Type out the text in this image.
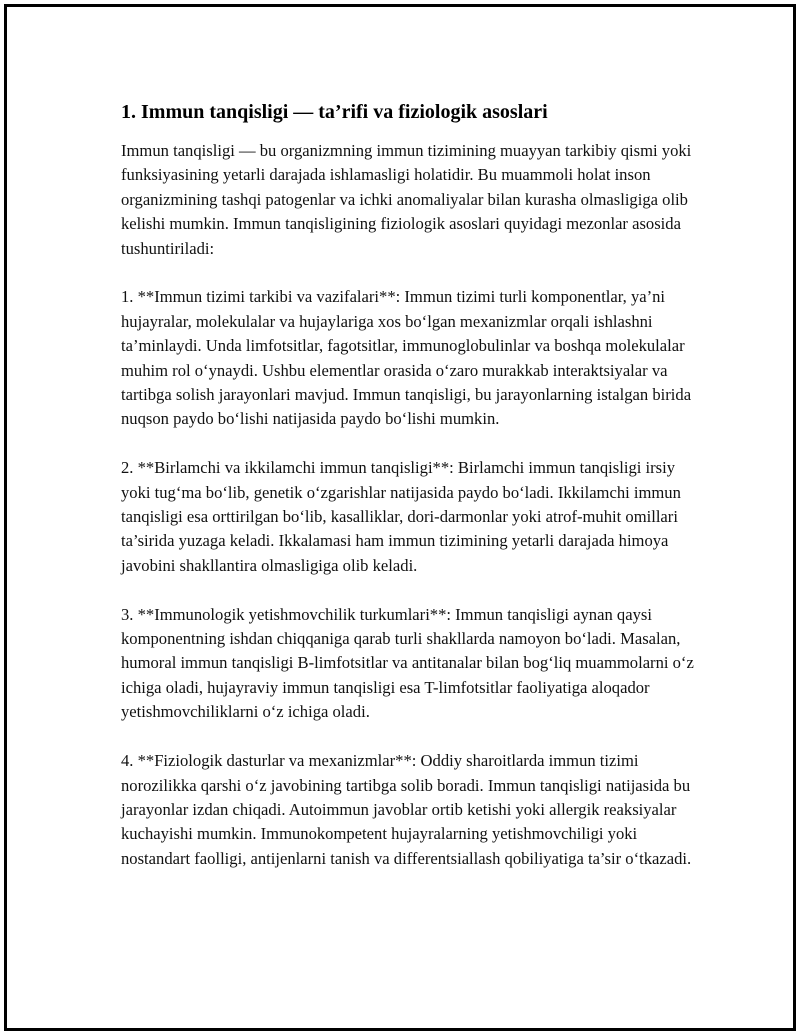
1. Immun tanqisligi — ta’rifi va fiziologik asoslari

Immun tanqisligi — bu organizmning immun tizimining muayyan tarkibiy qismi yoki funksiyasining yetarli darajada ishlamasligi holatidir. Bu muammoli holat inson organizmining tashqi patogenlar va ichki anomaliyalar bilan kurasha olmasligiga olib kelishi mumkin. Immun tanqisligining fiziologik asoslari quyidagi mezonlar asosida tushuntiriladi:

1. **Immun tizimi tarkibi va vazifalari**: Immun tizimi turli komponentlar, ya’ni hujayralar, molekulalar va hujaylariga xos boʻlgan mexanizmlar orqali ishlashni ta’minlaydi. Unda limfotsitlar, fagotsitlar, immunoglobulinlar va boshqa molekulalar muhim rol oʻynaydi. Ushbu elementlar orasida oʻzaro murakkab interaktsiyalar va tartibga solish jarayonlari mavjud. Immun tanqisligi, bu jarayonlarning istalgan birida nuqson paydo boʻlishi natijasida paydo boʻlishi mumkin.

2. **Birlamchi va ikkilamchi immun tanqisligi**: Birlamchi immun tanqisligi irsiy yoki tugʻma boʻlib, genetik oʻzgarishlar natijasida paydo boʻladi. Ikkilamchi immun tanqisligi esa orttirilgan boʻlib, kasalliklar, dori-darmonlar yoki atrof-muhit omillari ta’sirida yuzaga keladi. Ikkalamasi ham immun tizimining yetarli darajada himoya javobini shakllantira olmasligiga olib keladi.

3. **Immunologik yetishmovchilik turkumlari**: Immun tanqisligi aynan qaysi komponentning ishdan chiqqaniga qarab turli shakllarda namoyon boʻladi. Masalan, humoral immun tanqisligi B-limfotsitlar va antitanalar bilan bogʻliq muammolarni oʻz ichiga oladi, hujayraviy immun tanqisligi esa T-limfotsitlar faoliyatiga aloqador yetishmovchiliklarni oʻz ichiga oladi.

4. **Fiziologik dasturlar va mexanizmlar**: Oddiy sharoitlarda immun tizimi norozilikka qarshi oʻz javobining tartibga solib boradi. Immun tanqisligi natijasida bu jarayonlar izdan chiqadi. Autoimmun javoblar ortib ketishi yoki allergik reaksiyalar kuchayishi mumkin. Immunokompetent hujayralarning yetishmovchiligi yoki nostandart faolligi, antijenlarni tanish va differentsiallash qobiliyatiga ta’sir oʻtkazadi.
